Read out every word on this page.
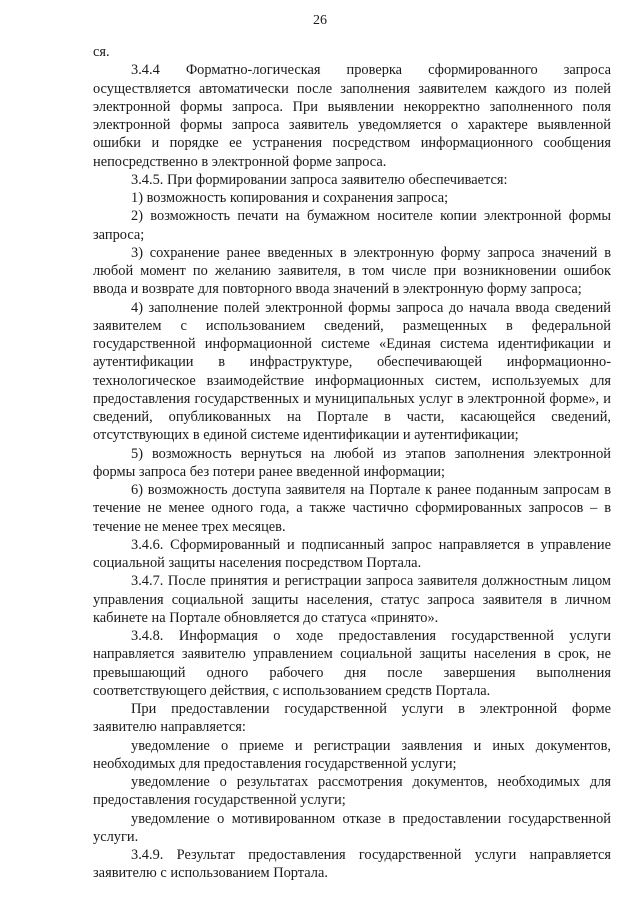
26

ся.

3.4.4 Форматно-логическая проверка сформированного запроса осуществляется автоматически после заполнения заявителем каждого из полей электронной формы запроса. При выявлении некорректно заполненного поля электронной формы запроса заявитель уведомляется о характере выявленной ошибки и порядке ее устранения посредством информационного сообщения непосредственно в электронной форме запроса.

3.4.5. При формировании запроса заявителю обеспечивается:

1) возможность копирования и сохранения запроса;

2) возможность печати на бумажном носителе копии электронной формы запроса;

3) сохранение ранее введенных в электронную форму запроса значений в любой момент по желанию заявителя, в том числе при возникновении ошибок ввода и возврате для повторного ввода значений в электронную форму запроса;

4) заполнение полей электронной формы запроса до начала ввода сведений заявителем с использованием сведений, размещенных в федеральной государственной информационной системе «Единая система идентификации и аутентификации в инфраструктуре, обеспечивающей информационно-технологическое взаимодействие информационных систем, используемых для предоставления государственных и муниципальных услуг в электронной форме», и сведений, опубликованных на Портале в части, касающейся сведений, отсутствующих в единой системе идентификации и аутентификации;

5) возможность вернуться на любой из этапов заполнения электронной формы запроса без потери ранее введенной информации;

6) возможность доступа заявителя на Портале к ранее поданным запросам в течение не менее одного года, а также частично сформированных запросов – в течение не менее трех месяцев.

3.4.6. Сформированный и подписанный запрос направляется в управление социальной защиты населения посредством Портала.

3.4.7. После принятия и регистрации запроса заявителя должностным лицом управления социальной защиты населения, статус запроса заявителя в личном кабинете на Портале обновляется до статуса «принято».

3.4.8. Информация о ходе предоставления государственной услуги направляется заявителю управлением социальной защиты населения в срок, не превышающий одного рабочего дня после завершения выполнения соответствующего действия, с использованием средств Портала.

При предоставлении государственной услуги в электронной форме заявителю направляется:

уведомление о приеме и регистрации заявления и иных документов, необходимых для предоставления государственной услуги;

уведомление о результатах рассмотрения документов, необходимых для предоставления государственной услуги;

уведомление о мотивированном отказе в предоставлении государственной услуги.

3.4.9. Результат предоставления государственной услуги направляется заявителю с использованием Портала.
